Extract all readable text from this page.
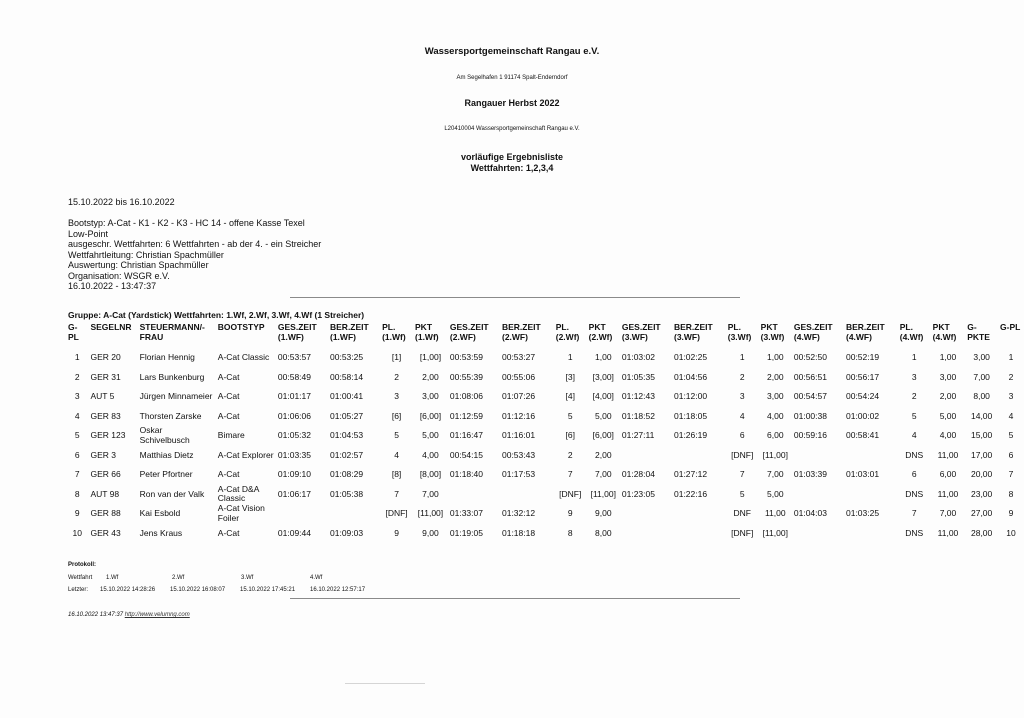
Wassersportgemeinschaft Rangau e.V.
Am Segelhafen 1 91174 Spalt-Enderndorf
Rangauer Herbst 2022
L20410004 Wassersportgemeinschaft Rangau e.V.
vorläufige Ergebnisliste
Wettfahrten: 1,2,3,4
15.10.2022 bis 16.10.2022
Bootstyp: A-Cat - K1 - K2 - K3 - HC 14 - offene Kasse Texel
Low-Point
ausgeschr. Wettfahrten: 6 Wettfahrten - ab der 4. - ein Streicher
Wettfahrtleitung: Christian Spachmüller
Auswertung: Christian Spachmüller
Organisation: WSGR e.V.
16.10.2022 - 13:47:37
Gruppe: A-Cat (Yardstick) Wettfahrten: 1.Wf, 2.Wf, 3.Wf, 4.Wf (1 Streicher)
G-PL	SEGELNR	STEUERMANN/-FRAU	BOOTSTYP	GES.ZEIT (1.WF)	BER.ZEIT (1.WF)	PL. (1.Wf)	PKT (1.Wf)	GES.ZEIT (2.WF)	BER.ZEIT (2.WF)	PL. (2.Wf)	PKT (2.Wf)	GES.ZEIT (3.WF)	BER.ZEIT (3.WF)	PL. (3.Wf)	PKT (3.Wf)	GES.ZEIT (4.WF)	BER.ZEIT (4.WF)	PL. (4.Wf)	PKT (4.Wf)	G-PKTE	G-PL
1	GER 20	Florian Hennig	A-Cat Classic	00:53:57	00:53:25	[1]	[1,00]	00:53:59	00:53:27	1	1,00	01:03:02	01:02:25	1	1,00	00:52:50	00:52:19	1	1,00	3,00	1
2	GER 31	Lars Bunkenburg	A-Cat	00:58:49	00:58:14	2	2,00	00:55:39	00:55:06	[3]	[3,00]	01:05:35	01:04:56	2	2,00	00:56:51	00:56:17	3	3,00	7,00	2
3	AUT 5	Jürgen Minnameier	A-Cat	01:01:17	01:00:41	3	3,00	01:08:06	01:07:26	[4]	[4,00]	01:12:43	01:12:00	3	3,00	00:54:57	00:54:24	2	2,00	8,00	3
4	GER 83	Thorsten Zarske	A-Cat	01:06:06	01:05:27	[6]	[6,00]	01:12:59	01:12:16	5	5,00	01:18:52	01:18:05	4	4,00	01:00:38	01:00:02	5	5,00	14,00	4
5	GER 123	Oskar Schivelbusch	Bimare	01:05:32	01:04:53	5	5,00	01:16:47	01:16:01	[6]	[6,00]	01:27:11	01:26:19	6	6,00	00:59:16	00:58:41	4	4,00	15,00	5
6	GER 3	Matthias Dietz	A-Cat Explorer	01:03:35	01:02:57	4	4,00	00:54:15	00:53:43	2	2,00			[DNF]	[11,00]			DNS	11,00	17,00	6
7	GER 66	Peter Pfortner	A-Cat	01:09:10	01:08:29	[8]	[8,00]	01:18:40	01:17:53	7	7,00	01:28:04	01:27:12	7	7,00	01:03:39	01:03:01	6	6,00	20,00	7
8	AUT 98	Ron van der Valk	A-Cat D&A Classic	01:06:17	01:05:38	7	7,00			[DNF]	[11,00]	01:23:05	01:22:16	5	5,00			DNS	11,00	23,00	8
9	GER 88	Kai Esbold	A-Cat Vision Foiler			[DNF]	[11,00]	01:33:07	01:32:12	9	9,00			DNF	11,00	01:04:03	01:03:25	7	7,00	27,00	9
10	GER 43	Jens Kraus	A-Cat	01:09:44	01:09:03	9	9,00	01:19:05	01:18:18	8	8,00			[DNF]	[11,00]			DNS	11,00	28,00	10
Protokoll:
Wettfahrt 1.Wf	2.Wf	3.Wf	4.Wf
Letzter: 15.10.2022 14:28:26 15.10.2022 16:08:07 15.10.2022 17:45:21 16.10.2022 12:57:17
16.10.2022 13:47:37 http://www.velumng.com
